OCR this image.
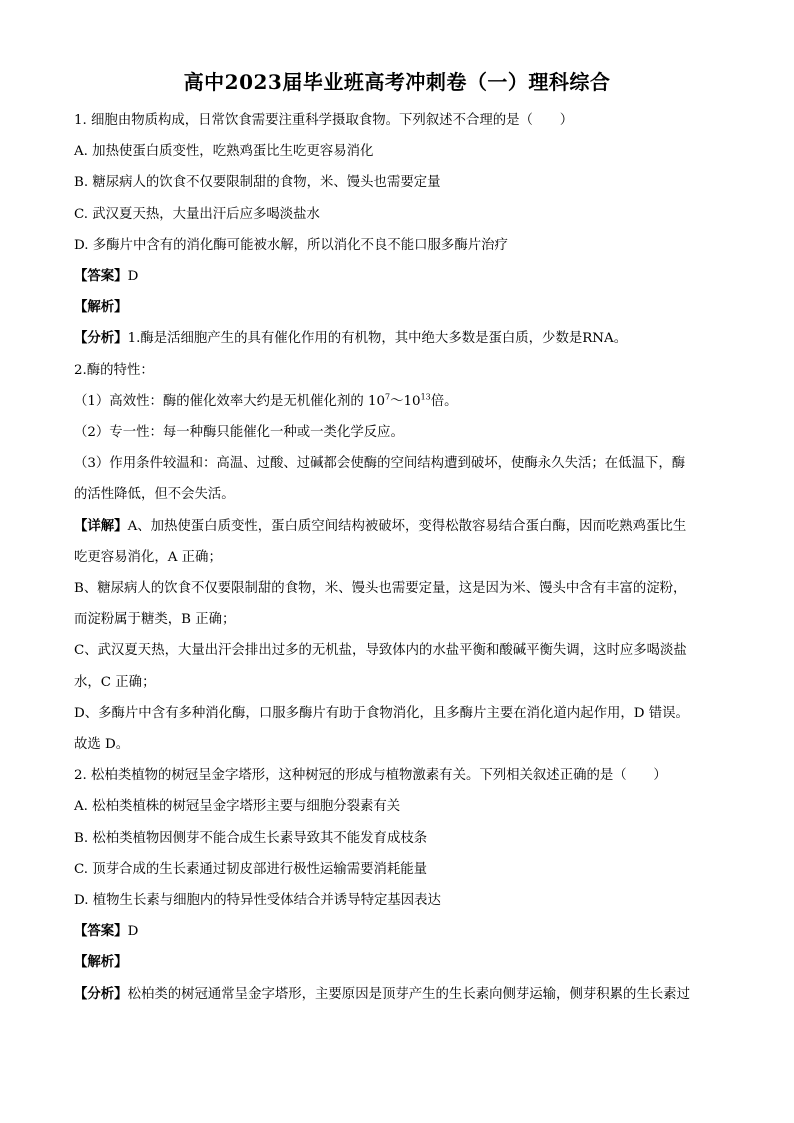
高中2023届毕业班高考冲刺卷（一）理科综合
1. 细胞由物质构成，日常饮食需要注重科学摄取食物。下列叙述不合理的是（　　）
A. 加热使蛋白质变性，吃熟鸡蛋比生吃更容易消化
B. 糖尿病人的饮食不仅要限制甜的食物，米、馒头也需要定量
C. 武汉夏天热，大量出汗后应多喝淡盐水
D. 多酶片中含有的消化酶可能被水解，所以消化不良不能口服多酶片治疗
【答案】D
【解析】
【分析】1.酶是活细胞产生的具有催化作用的有机物，其中绝大多数是蛋白质，少数是RNA。
2.酶的特性：
（1）高效性：酶的催化效率大约是无机催化剂的 $10^7\sim 10^{13}$倍。
（2）专一性：每一种酶只能催化一种或一类化学反应。
（3）作用条件较温和：高温、过酸、过碱都会使酶的空间结构遭到破坏，使酶永久失活；在低温下，酶
的活性降低，但不会失活。
【详解】A、加热使蛋白质变性，蛋白质空间结构被破坏，变得松散容易结合蛋白酶，因而吃熟鸡蛋比生
吃更容易消化，A 正确；
B、糖尿病人的饮食不仅要限制甜的食物，米、馒头也需要定量，这是因为米、馒头中含有丰富的淀粉，
而淀粉属于糖类，B 正确；
C、武汉夏天热，大量出汗会排出过多的无机盐，导致体内的水盐平衡和酸碱平衡失调，这时应多喝淡盐
水，C 正确；
D、多酶片中含有多种消化酶，口服多酶片有助于食物消化，且多酶片主要在消化道内起作用，D 错误。
故选 D。
2. 松柏类植物的树冠呈金字塔形，这种树冠的形成与植物激素有关。下列相关叙述正确的是（　　）
A. 松柏类植株的树冠呈金字塔形主要与细胞分裂素有关
B. 松柏类植物因侧芽不能合成生长素导致其不能发育成枝条
C. 顶芽合成的生长素通过韧皮部进行极性运输需要消耗能量
D. 植物生长素与细胞内的特异性受体结合并诱导特定基因表达
【答案】D
【解析】
【分析】松柏类的树冠通常呈金字塔形，主要原因是顶芽产生的生长素向侧芽运输，侧芽积累的生长素过
